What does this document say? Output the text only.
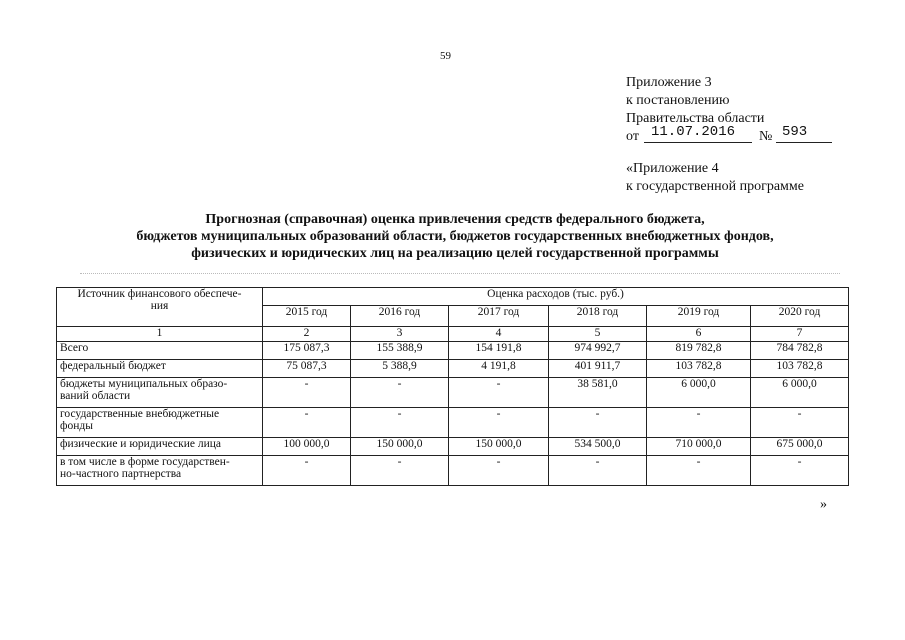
59
Приложение 3
к постановлению
Правительства области
от 11.07.2016 № 593
«Приложение 4
к государственной программе
Прогнозная (справочная) оценка привлечения средств федерального бюджета,
бюджетов муниципальных образований области, бюджетов государственных внебюджетных фондов,
физических и юридических лиц на реализацию целей государственной программы
Источник финансового обеспече-
ния	Оценка расходов (тыс. руб.)					
	2015 год	2016 год	2017 год	2018 год	2019 год	2020 год
1	2	3	4	5	6	7
Всего	175 087,3	155 388,9	154 191,8	974 992,7	819 782,8	784 782,8
федеральный бюджет	75 087,3	5 388,9	4 191,8	401 911,7	103 782,8	103 782,8

бюджеты муниципальных образо-
ваний области	-	-	-	38 581,0	6 000,0	6 000,0

государственные внебюджетные
фонды	-	-	-	-	-	-
физические и юридические лица	100 000,0	150 000,0	150 000,0	534 500,0	710 000,0	675 000,0

в том числе в форме государствен-
но-частного партнерства	-	-	-	-	-	-
»
